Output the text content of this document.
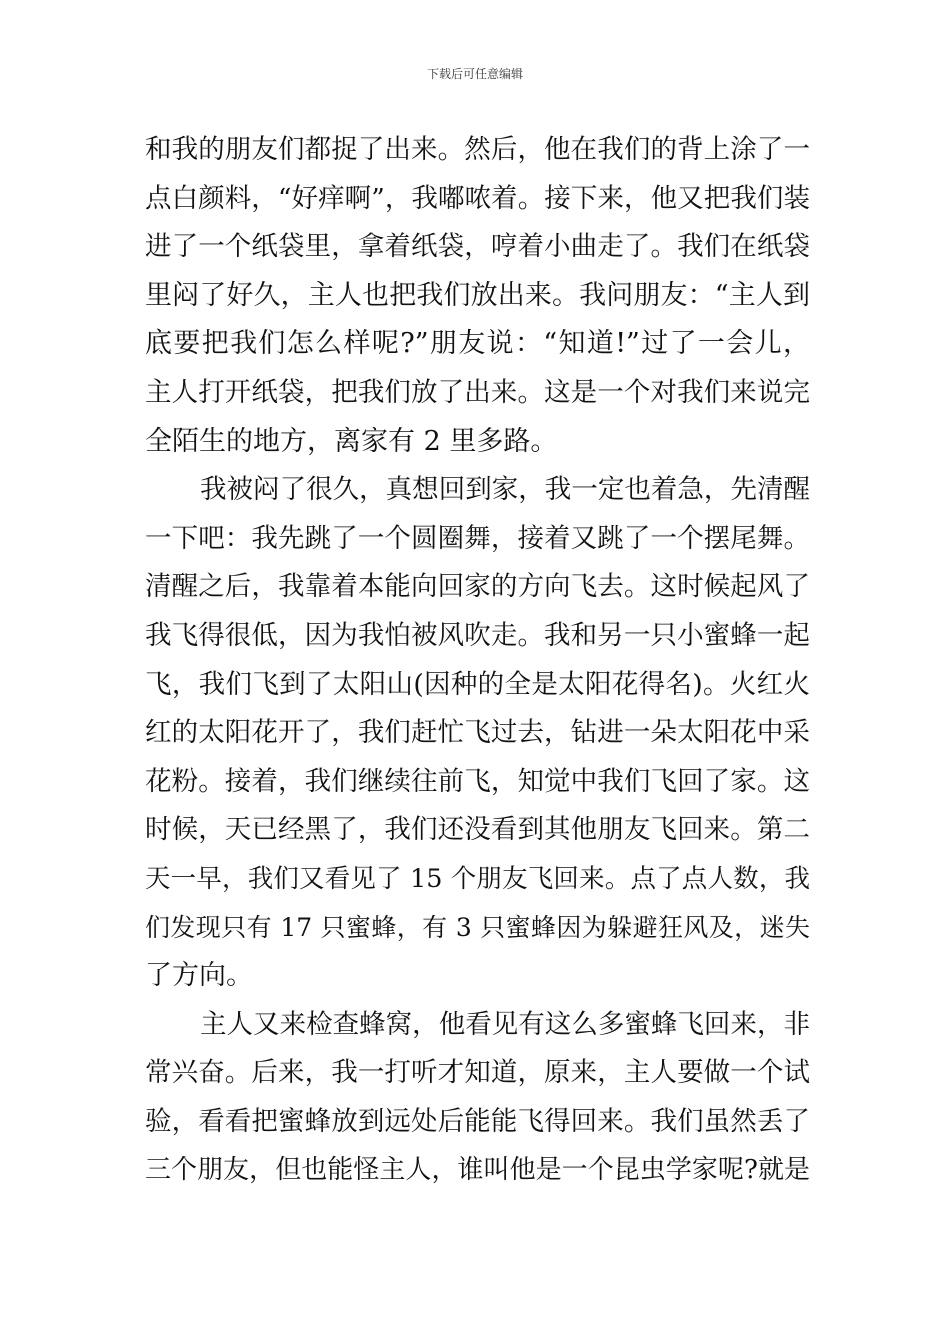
下载后可任意编辑
和我的朋友们都捉了出来。然后，他在我们的背上涂了一
点白颜料，“好痒啊”，我嘟哝着。接下来，他又把我们装
进了一个纸袋里，拿着纸袋，哼着小曲走了。我们在纸袋
里闷了好久，主人也把我们放出来。我问朋友：“主人到
底要把我们怎么样呢?”朋友说：“知道!”过了一会儿，
主人打开纸袋，把我们放了出来。这是一个对我们来说完
全陌生的地方，离家有 2 里多路。
我被闷了很久，真想回到家，我一定也着急，先清醒
一下吧：我先跳了一个圆圈舞，接着又跳了一个摆尾舞。
清醒之后，我靠着本能向回家的方向飞去。这时候起风了
我飞得很低，因为我怕被风吹走。我和另一只小蜜蜂一起
飞，我们飞到了太阳山(因种的全是太阳花得名)。火红火
红的太阳花开了，我们赶忙飞过去，钻进一朵太阳花中采
花粉。接着，我们继续往前飞，知觉中我们飞回了家。这
时候，天已经黑了，我们还没看到其他朋友飞回来。第二
天一早，我们又看见了 15 个朋友飞回来。点了点人数，我
们发现只有 17 只蜜蜂，有 3 只蜜蜂因为躲避狂风及，迷失
了方向。
主人又来检查蜂窝，他看见有这么多蜜蜂飞回来，非
常兴奋。后来，我一打听才知道，原来，主人要做一个试
验，看看把蜜蜂放到远处后能能飞得回来。我们虽然丢了
三个朋友，但也能怪主人，谁叫他是一个昆虫学家呢?就是
